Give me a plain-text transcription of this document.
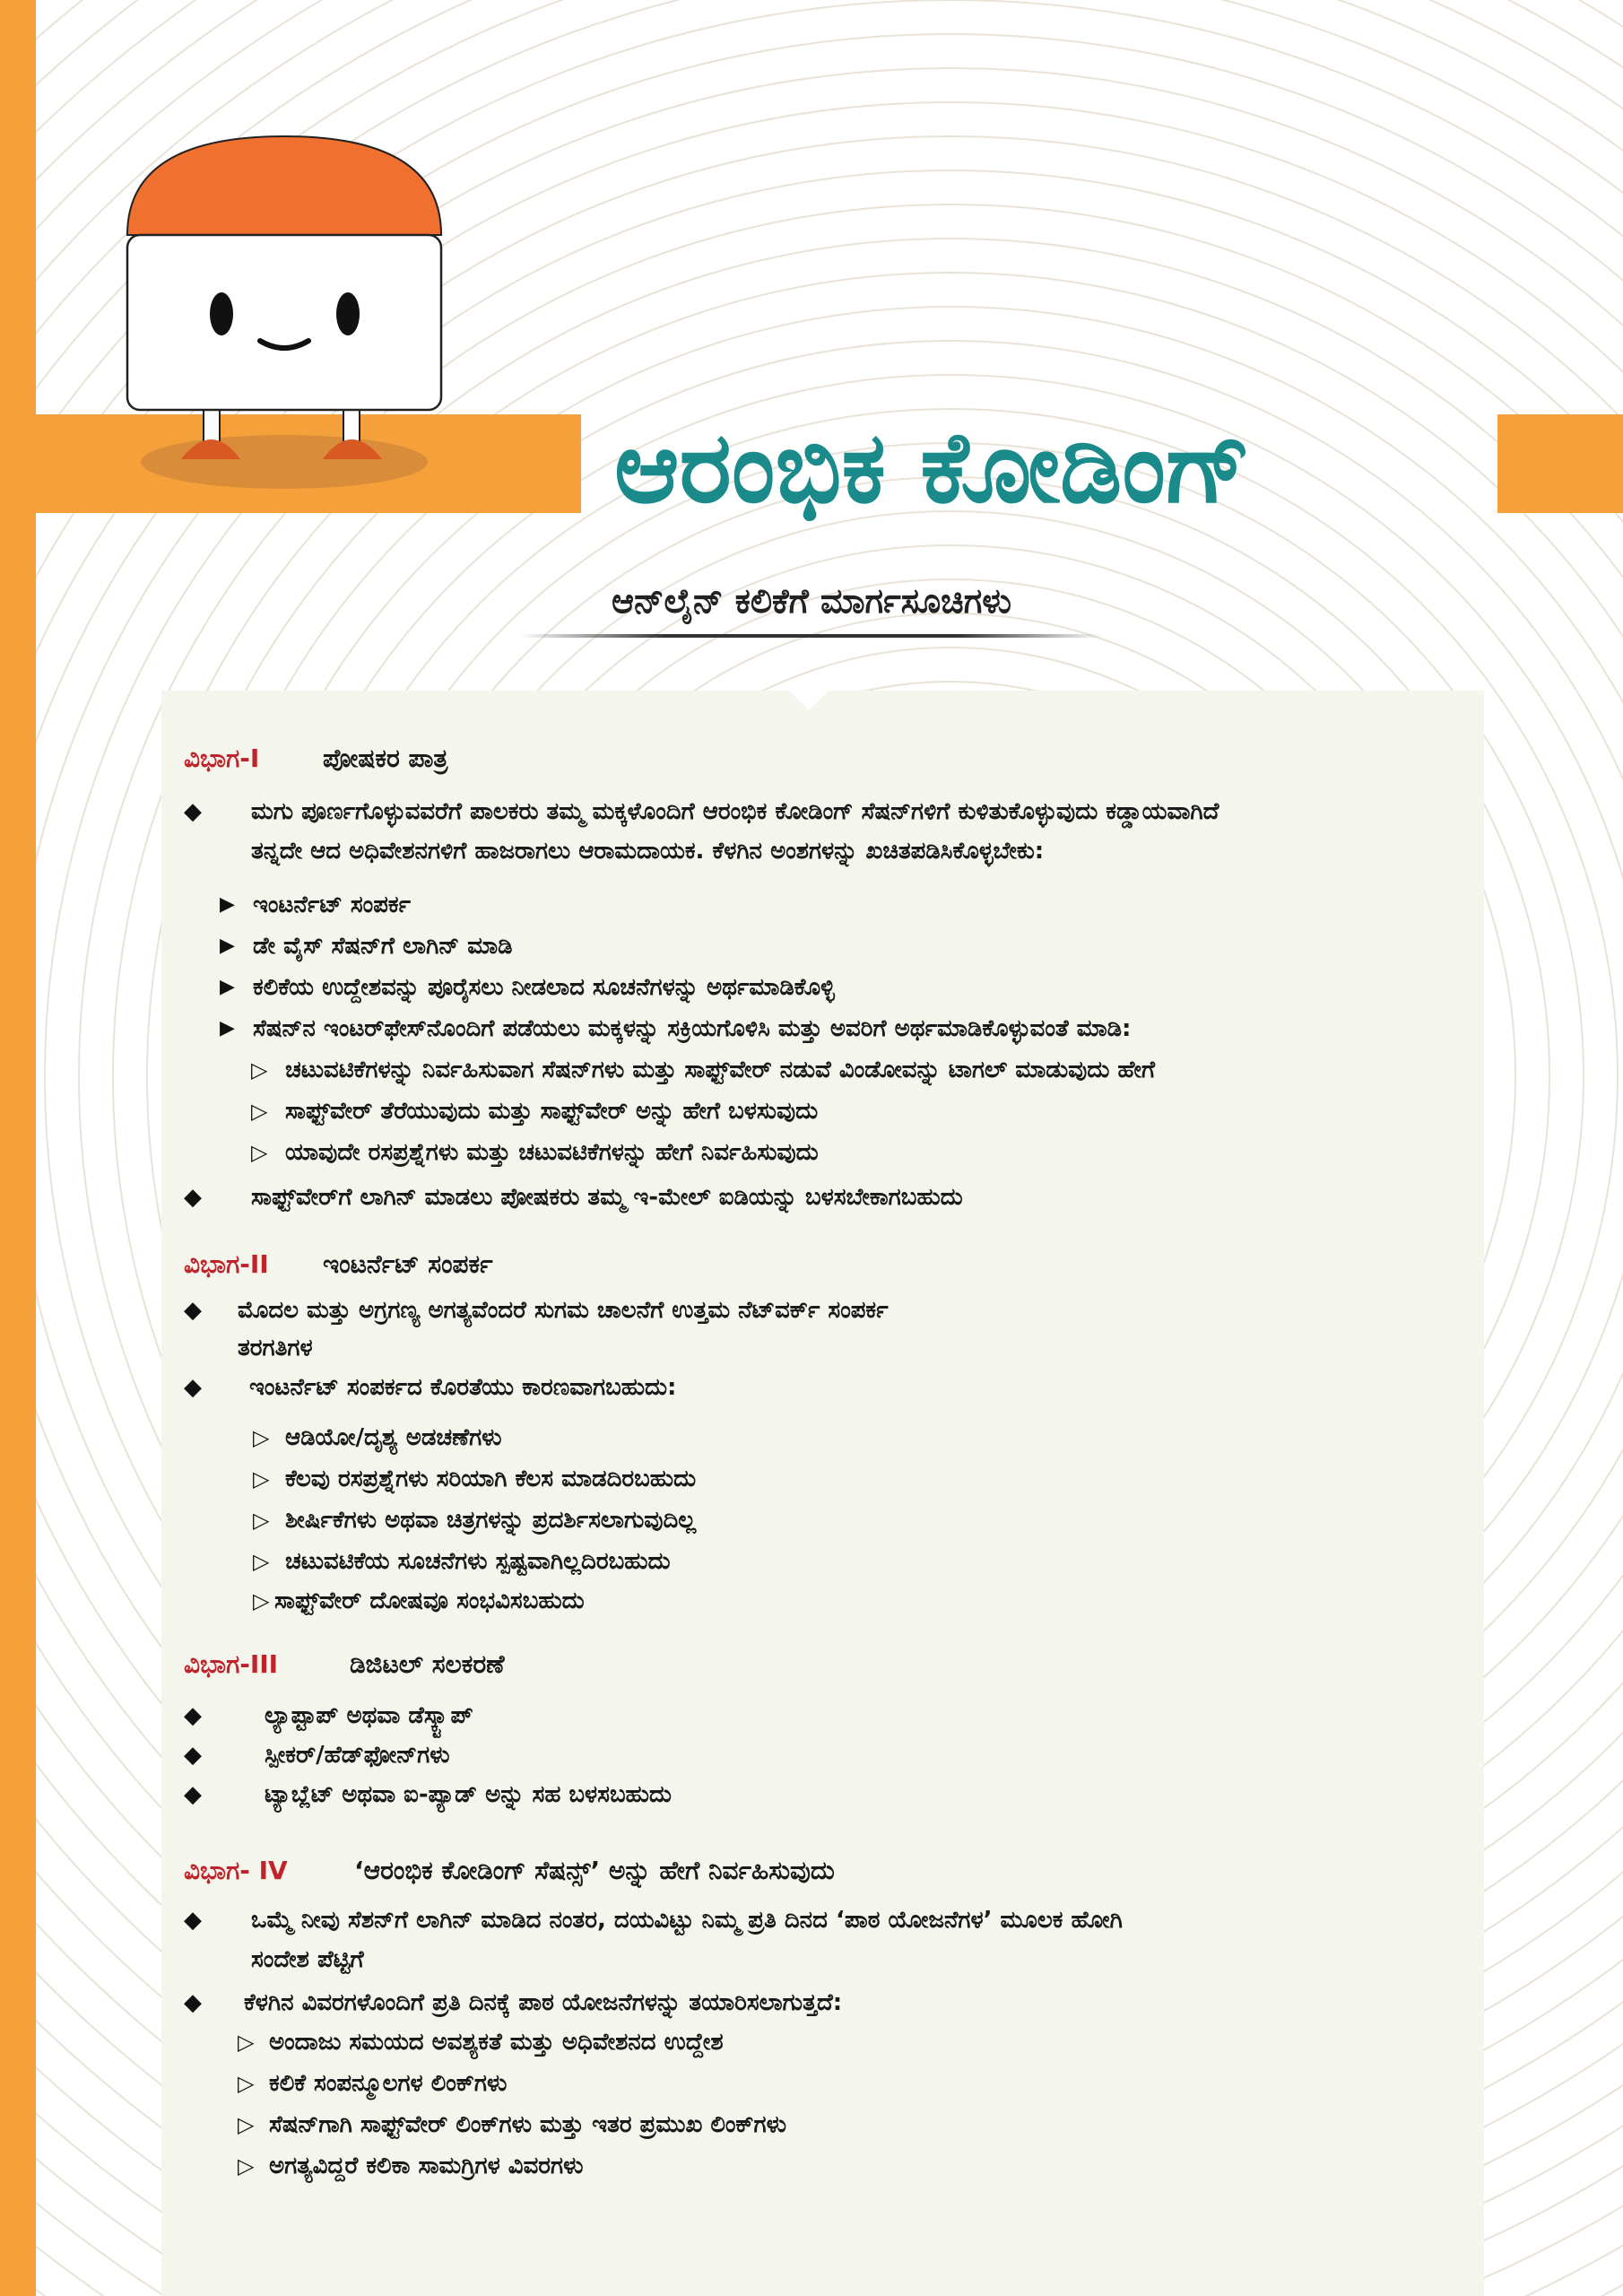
ಆರಂಭಿಕ ಕೋಡಿಂಗ್
ಆನ್‌ಲೈನ್ ಕಲಿಕೆಗೆ ಮಾರ್ಗಸೂಚಿಗಳು
ವಿಭಾಗ-I	ಪೋಷಕರ ಪಾತ್ರ
◆ ಮಗು ಪೂರ್ಣಗೊಳ್ಳುವವರೆಗೆ ಪಾಲಕರು ತಮ್ಮ ಮಕ್ಕಳೊಂದಿಗೆ ಆರಂಭಿಕ ಕೋಡಿಂಗ್ ಸೆಷನ್‌ಗಳಿಗೆ ಕುಳಿತುಕೊಳ್ಳುವುದು ಕಡ್ಡಾಯವಾಗಿದೆ
ತನ್ನದೇ ಆದ ಅಧಿವೇಶನಗಳಿಗೆ ಹಾಜರಾಗಲು ಆರಾಮದಾಯಕ. ಕೆಳಗಿನ ಅಂಶಗಳನ್ನು ಖಚಿತಪಡಿಸಿಕೊಳ್ಳಬೇಕು:
▶ ಇಂಟರ್ನೆಟ್ ಸಂಪರ್ಕ
▶ ಡೇ ವೈಸ್ ಸೆಷನ್‌ಗೆ ಲಾಗಿನ್ ಮಾಡಿ
▶ ಕಲಿಕೆಯ ಉದ್ದೇಶವನ್ನು ಪೂರೈಸಲು ನೀಡಲಾದ ಸೂಚನೆಗಳನ್ನು ಅರ್ಥಮಾಡಿಕೊಳ್ಳಿ
▶ ಸೆಷನ್‌ನ ಇಂಟರ್‌ಫೇಸ್‌ನೊಂದಿಗೆ ಪಡೆಯಲು ಮಕ್ಕಳನ್ನು ಸಕ್ರಿಯಗೊಳಿಸಿ ಮತ್ತು ಅವರಿಗೆ ಅರ್ಥಮಾಡಿಕೊಳ್ಳುವಂತೆ ಮಾಡಿ:
▷ ಚಟುವಟಿಕೆಗಳನ್ನು ನಿರ್ವಹಿಸುವಾಗ ಸೆಷನ್‌ಗಳು ಮತ್ತು ಸಾಫ್ಟ್‌ವೇರ್ ನಡುವೆ ವಿಂಡೋವನ್ನು ಟಾಗಲ್ ಮಾಡುವುದು ಹೇಗೆ
▷ ಸಾಫ್ಟ್‌ವೇರ್ ತೆರೆಯುವುದು ಮತ್ತು ಸಾಫ್ಟ್‌ವೇರ್ ಅನ್ನು ಹೇಗೆ ಬಳಸುವುದು
▷ ಯಾವುದೇ ರಸಪ್ರಶ್ನೆಗಳು ಮತ್ತು ಚಟುವಟಿಕೆಗಳನ್ನು ಹೇಗೆ ನಿರ್ವಹಿಸುವುದು
◆ ಸಾಫ್ಟ್‌ವೇರ್‌ಗೆ ಲಾಗಿನ್ ಮಾಡಲು ಪೋಷಕರು ತಮ್ಮ ಇ-ಮೇಲ್ ಐಡಿಯನ್ನು ಬಳಸಬೇಕಾಗಬಹುದು
ವಿಭಾಗ-II ಇಂಟರ್ನೆಟ್ ಸಂಪರ್ಕ
◆ ಮೊದಲ ಮತ್ತು ಅಗ್ರಗಣ್ಯ ಅಗತ್ಯವೆಂದರೆ ಸುಗಮ ಚಾಲನೆಗೆ ಉತ್ತಮ ನೆಟ್‌ವರ್ಕ್ ಸಂಪರ್ಕ
ತರಗತಿಗಳ
◆ ಇಂಟರ್ನೆಟ್ ಸಂಪರ್ಕದ ಕೊರತೆಯು ಕಾರಣವಾಗಬಹುದು:
▷ ಆಡಿಯೋ/ದೃಶ್ಯ ಅಡಚಣೆಗಳು
▷ ಕೆಲವು ರಸಪ್ರಶ್ನೆಗಳು ಸರಿಯಾಗಿ ಕೆಲಸ ಮಾಡದಿರಬಹುದು
▷ ಶೀರ್ಷಿಕೆಗಳು ಅಥವಾ ಚಿತ್ರಗಳನ್ನು ಪ್ರದರ್ಶಿಸಲಾಗುವುದಿಲ್ಲ
▷ ಚಟುವಟಿಕೆಯ ಸೂಚನೆಗಳು ಸ್ಪಷ್ಟವಾಗಿಲ್ಲದಿರಬಹುದು
▷ ಸಾಫ್ಟ್‌ವೇರ್ ದೋಷವೂ ಸಂಭವಿಸಬಹುದು
ವಿಭಾಗ-III	ಡಿಜಿಟಲ್ ಸಲಕರಣೆ
◆	ಲ್ಯಾಪ್ಟಾಪ್ ಅಥವಾ ಡೆಸ್ಕ್ಟಾಪ್
◆	ಸ್ಪೀಕರ್/ಹೆಡ್‌ಫೋನ್‌ಗಳು
◆	ಟ್ಯಾಬ್ಲೆಟ್ ಅಥವಾ ಐ-ಪ್ಯಾಡ್ ಅನ್ನು ಸಹ ಬಳಸಬಹುದು
ವಿಭಾಗ- IV	‘ಆರಂಭಿಕ ಕೋಡಿಂಗ್ ಸೆಷನ್ಸ್’ ಅನ್ನು ಹೇಗೆ ನಿರ್ವಹಿಸುವುದು
◆ ಒಮ್ಮೆ ನೀವು ಸೆಶನ್‌ಗೆ ಲಾಗಿನ್ ಮಾಡಿದ ನಂತರ, ದಯವಿಟ್ಟು ನಿಮ್ಮ ಪ್ರತಿ ದಿನದ ‘ಪಾಠ ಯೋಜನೆಗಳ’ ಮೂಲಕ ಹೋಗಿ
ಸಂದೇಶ ಪೆಟ್ಟಿಗೆ
◆ ಕೆಳಗಿನ ವಿವರಗಳೊಂದಿಗೆ ಪ್ರತಿ ದಿನಕ್ಕೆ ಪಾಠ ಯೋಜನೆಗಳನ್ನು ತಯಾರಿಸಲಾಗುತ್ತದೆ:
▷ ಅಂದಾಜು ಸಮಯದ ಅವಶ್ಯಕತೆ ಮತ್ತು ಅಧಿವೇಶನದ ಉದ್ದೇಶ
▷ ಕಲಿಕೆ ಸಂಪನ್ಮೂಲಗಳ ಲಿಂಕ್‌ಗಳು
▷ ಸೆಷನ್‌ಗಾಗಿ ಸಾಫ್ಟ್‌ವೇರ್ ಲಿಂಕ್‌ಗಳು ಮತ್ತು ಇತರ ಪ್ರಮುಖ ಲಿಂಕ್‌ಗಳು
▷ ಅಗತ್ಯವಿದ್ದರೆ ಕಲಿಕಾ ಸಾಮಗ್ರಿಗಳ ವಿವರಗಳು
